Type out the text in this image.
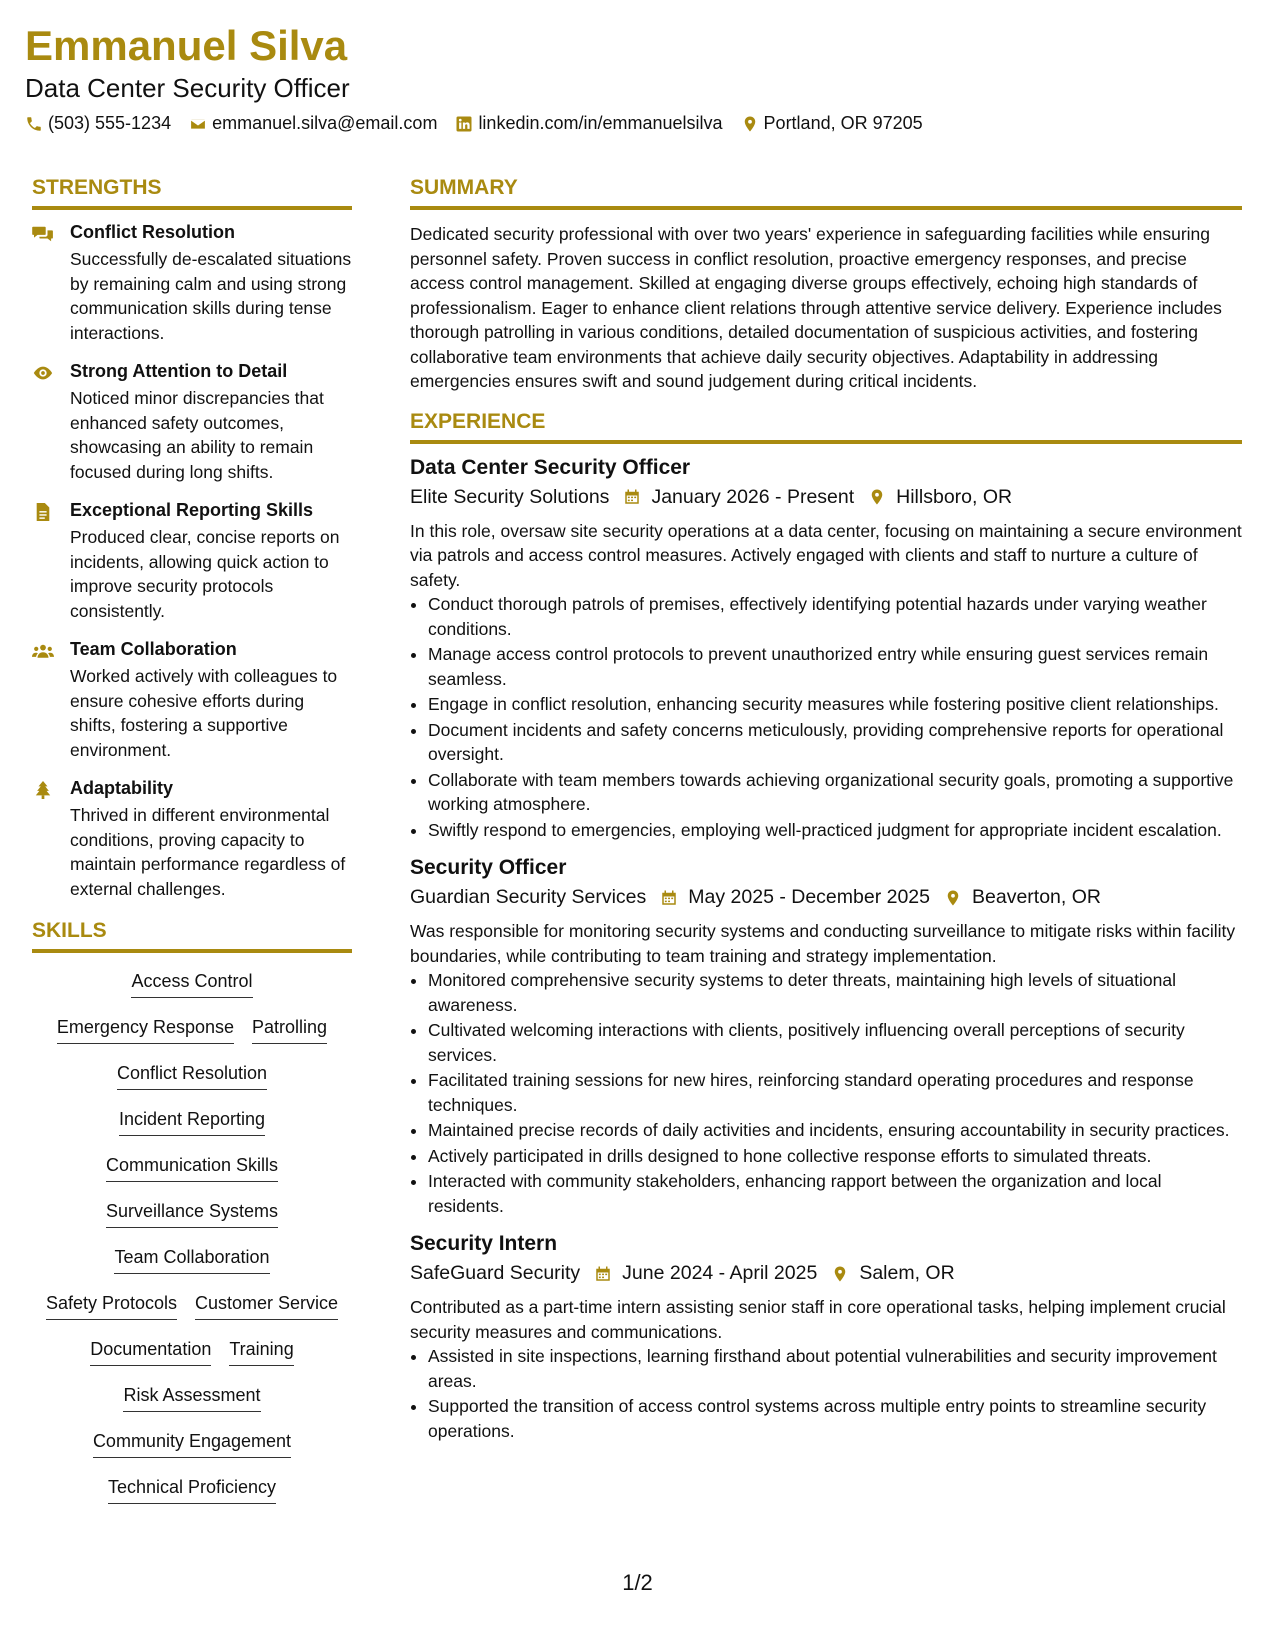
Emmanuel Silva
Data Center Security Officer
(503) 555-1234 emmanuel.silva@email.com linkedin.com/in/emmanuelsilva Portland, OR 97205
STRENGTHS
Conflict Resolution
Successfully de-escalated situations by remaining calm and using strong communication skills during tense interactions.
Strong Attention to Detail
Noticed minor discrepancies that enhanced safety outcomes, showcasing an ability to remain focused during long shifts.
Exceptional Reporting Skills
Produced clear, concise reports on incidents, allowing quick action to improve security protocols consistently.
Team Collaboration
Worked actively with colleagues to ensure cohesive efforts during shifts, fostering a supportive environment.
Adaptability
Thrived in different environmental conditions, proving capacity to maintain performance regardless of external challenges.
SKILLS
Access Control
Emergency Response Patrolling
Conflict Resolution
Incident Reporting
Communication Skills
Surveillance Systems
Team Collaboration
Safety Protocols Customer Service
Documentation Training
Risk Assessment
Community Engagement
Technical Proficiency
SUMMARY
Dedicated security professional with over two years' experience in safeguarding facilities while ensuring personnel safety. Proven success in conflict resolution, proactive emergency responses, and precise access control management. Skilled at engaging diverse groups effectively, echoing high standards of professionalism. Eager to enhance client relations through attentive service delivery. Experience includes thorough patrolling in various conditions, detailed documentation of suspicious activities, and fostering collaborative team environments that achieve daily security objectives. Adaptability in addressing emergencies ensures swift and sound judgement during critical incidents.
EXPERIENCE
Data Center Security Officer
Elite Security Solutions January 2026 - Present Hillsboro, OR
In this role, oversaw site security operations at a data center, focusing on maintaining a secure environment via patrols and access control measures. Actively engaged with clients and staff to nurture a culture of safety.
• Conduct thorough patrols of premises, effectively identifying potential hazards under varying weather conditions.
• Manage access control protocols to prevent unauthorized entry while ensuring guest services remain seamless.
• Engage in conflict resolution, enhancing security measures while fostering positive client relationships.
• Document incidents and safety concerns meticulously, providing comprehensive reports for operational oversight.
• Collaborate with team members towards achieving organizational security goals, promoting a supportive working atmosphere.
• Swiftly respond to emergencies, employing well-practiced judgment for appropriate incident escalation.
Security Officer
Guardian Security Services May 2025 - December 2025 Beaverton, OR
Was responsible for monitoring security systems and conducting surveillance to mitigate risks within facility boundaries, while contributing to team training and strategy implementation.
• Monitored comprehensive security systems to deter threats, maintaining high levels of situational awareness.
• Cultivated welcoming interactions with clients, positively influencing overall perceptions of security services.
• Facilitated training sessions for new hires, reinforcing standard operating procedures and response techniques.
• Maintained precise records of daily activities and incidents, ensuring accountability in security practices.
• Actively participated in drills designed to hone collective response efforts to simulated threats.
• Interacted with community stakeholders, enhancing rapport between the organization and local residents.
Security Intern
SafeGuard Security June 2024 - April 2025 Salem, OR
Contributed as a part-time intern assisting senior staff in core operational tasks, helping implement crucial security measures and communications.
• Assisted in site inspections, learning firsthand about potential vulnerabilities and security improvement areas.
• Supported the transition of access control systems across multiple entry points to streamline security operations.
1/2
